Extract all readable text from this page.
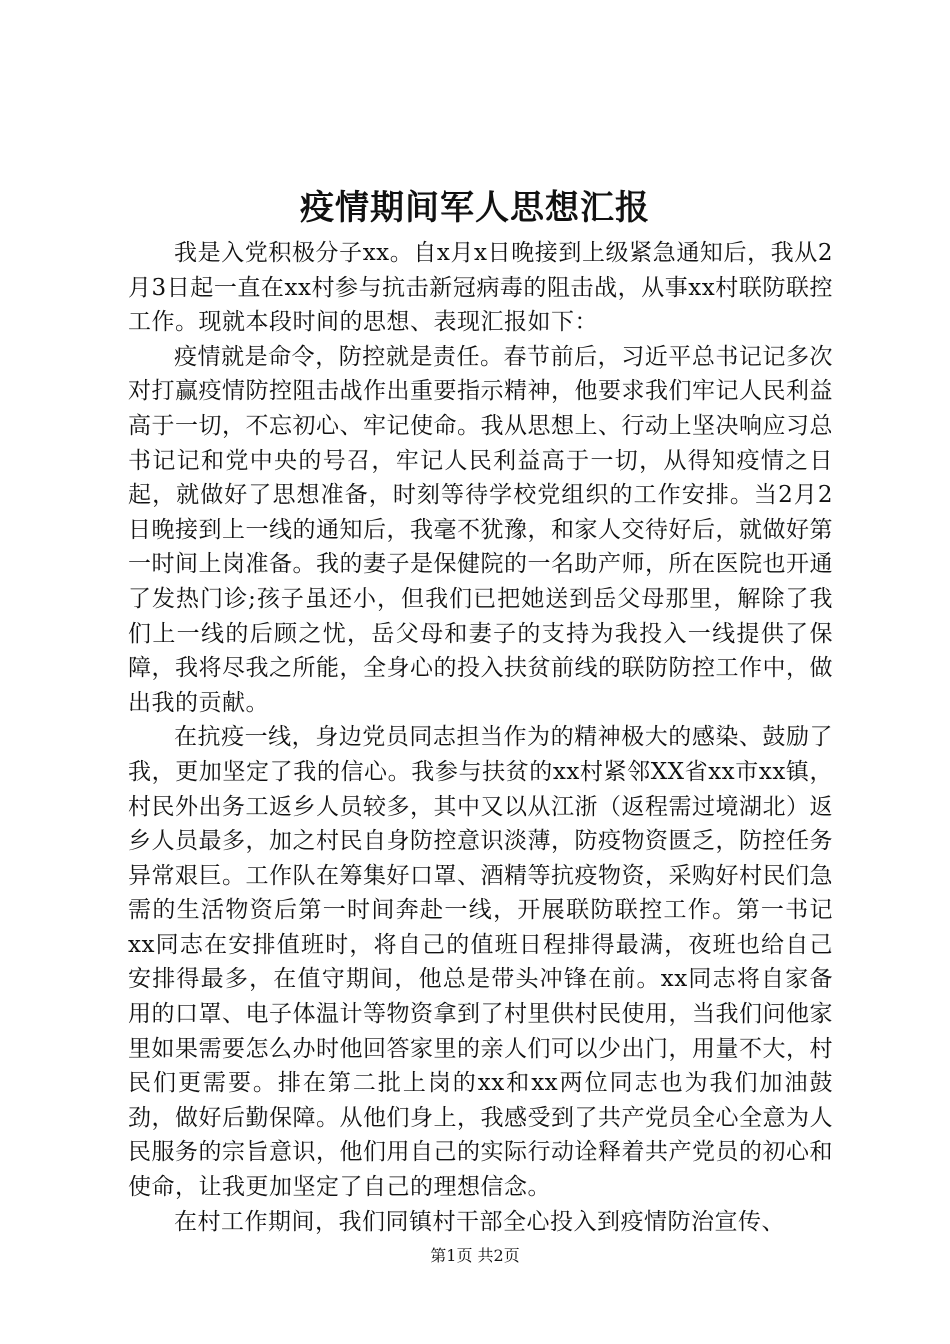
疫情期间军人思想汇报

我是入党积极分子xx。自x月x日晚接到上级紧急通知后，我从2月3日起一直在xx村参与抗击新冠病毒的阻击战，从事xx村联防联控工作。现就本段时间的思想、表现汇报如下：

疫情就是命令，防控就是责任。春节前后，习近平总书记记多次对打赢疫情防控阻击战作出重要指示精神，他要求我们牢记人民利益高于一切，不忘初心、牢记使命。我从思想上、行动上坚决响应习总书记记和党中央的号召，牢记人民利益高于一切，从得知疫情之日起，就做好了思想准备，时刻等待学校党组织的工作安排。当2月2日晚接到上一线的通知后，我毫不犹豫，和家人交待好后，就做好第一时间上岗准备。我的妻子是保健院的一名助产师，所在医院也开通了发热门诊;孩子虽还小，但我们已把她送到岳父母那里，解除了我们上一线的后顾之忧，岳父母和妻子的支持为我投入一线提供了保障，我将尽我之所能，全身心的投入扶贫前线的联防防控工作中，做出我的贡献。

在抗疫一线，身边党员同志担当作为的精神极大的感染、鼓励了我，更加坚定了我的信心。我参与扶贫的xx村紧邻XX省xx市xx镇，村民外出务工返乡人员较多，其中又以从江浙（返程需过境湖北）返乡人员最多，加之村民自身防控意识淡薄，防疫物资匮乏，防控任务异常艰巨。工作队在筹集好口罩、酒精等抗疫物资，采购好村民们急需的生活物资后第一时间奔赴一线，开展联防联控工作。第一书记xx同志在安排值班时，将自己的值班日程排得最满，夜班也给自己安排得最多，在值守期间，他总是带头冲锋在前。xx同志将自家备用的口罩、电子体温计等物资拿到了村里供村民使用，当我们问他家里如果需要怎么办时他回答家里的亲人们可以少出门，用量不大，村民们更需要。排在第二批上岗的xx和xx两位同志也为我们加油鼓劲，做好后勤保障。从他们身上，我感受到了共产党员全心全意为人民服务的宗旨意识，他们用自己的实际行动诠释着共产党员的初心和使命，让我更加坚定了自己的理想信念。

在村工作期间，我们同镇村干部全心投入到疫情防治宣传、

第1页 共2页
